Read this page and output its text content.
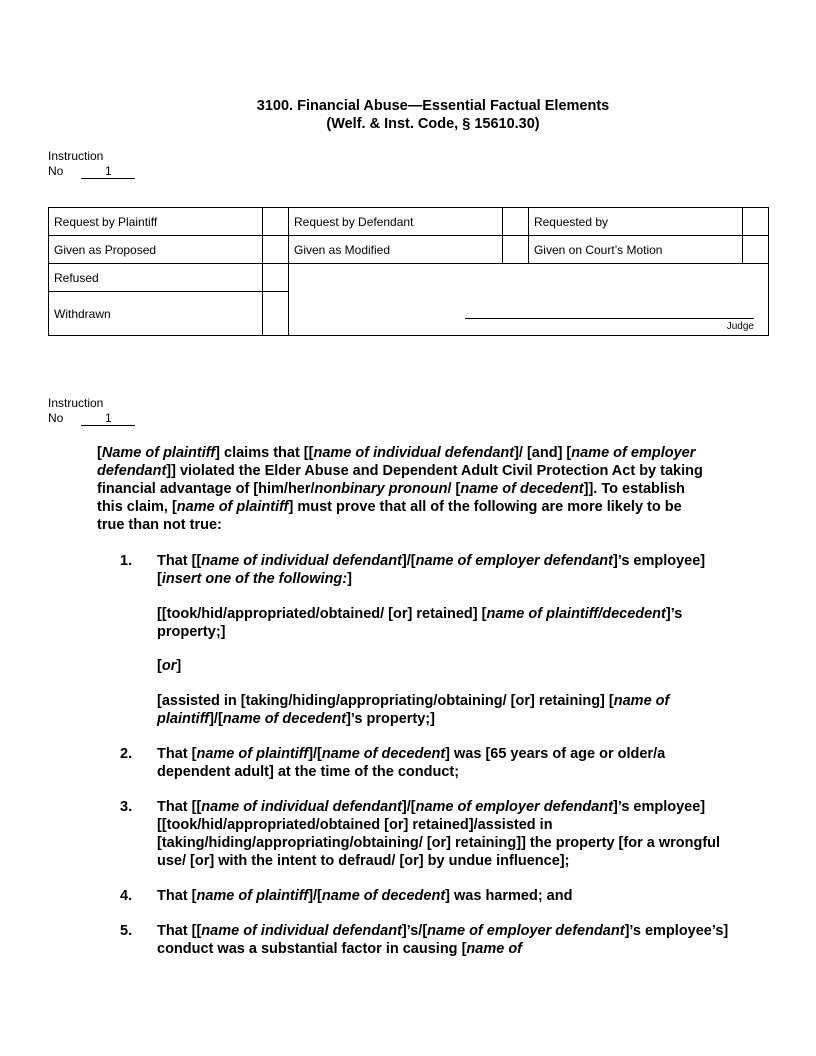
3100. Financial Abuse—Essential Factual Elements
(Welf. & Inst. Code, § 15610.30)
Instruction
No	1
Request by Plaintiff		Request by Defendant		Requested by	
Given as Proposed		Given as Modified		Given on Court’s Motion	
Refused		Judge			

Withdrawn					
Instruction
No	1
[Name of plaintiff] claims that [[name of individual defendant]/ [and] [name of employer defendant]] violated the Elder Abuse and Dependent Adult Civil Protection Act by taking financial advantage of [him/her/nonbinary pronoun/ [name of decedent]]. To establish this claim, [name of plaintiff] must prove that all of the following are more likely to be true than not true:
1. That [[name of individual defendant]/[name of employer defendant]’s employee] [insert one of the following:]
[[took/hid/appropriated/obtained/ [or] retained] [name of plaintiff/decedent]’s property;]
[or]
[assisted in [taking/hiding/appropriating/obtaining/ [or] retaining] [name of plaintiff]/[name of decedent]’s property;]
2. That [name of plaintiff]/[name of decedent] was [65 years of age or older/a dependent adult] at the time of the conduct;
3. That [[name of individual defendant]/[name of employer defendant]’s employee] [[took/hid/appropriated/obtained [or] retained]/assisted in [taking/hiding/appropriating/obtaining/ [or] retaining]] the property [for a wrongful use/ [or] with the intent to defraud/ [or] by undue influence];
4. That [name of plaintiff]/[name of decedent] was harmed; and
5. That [[name of individual defendant]’s/[name of employer defendant]’s employee’s] conduct was a substantial factor in causing [name of
